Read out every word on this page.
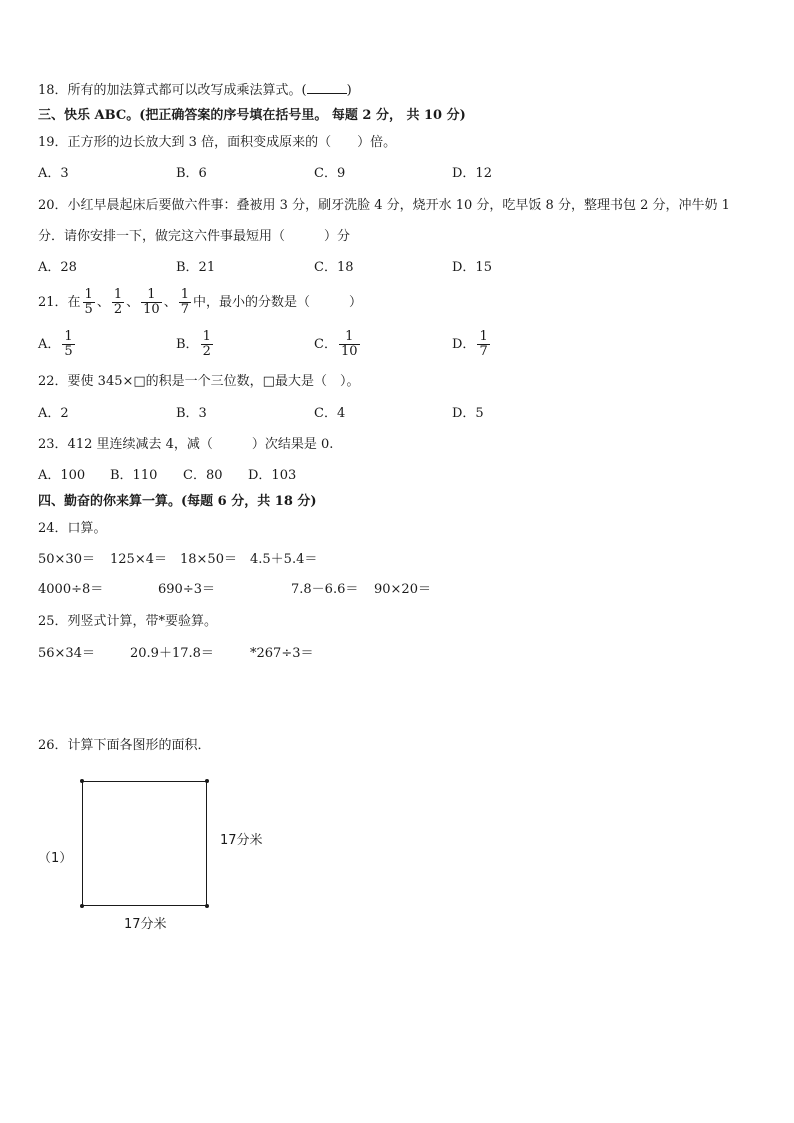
18．所有的加法算式都可以改写成乘法算式。(	)
三、快乐 ABC。(把正确答案的序号填在括号里。 每题 2 分， 共 10 分)
19．正方形的边长放大到 3 倍，面积变成原来的（　　）倍。
A．3	B．6	C．9	D．12
20．小红早晨起床后要做六件事：叠被用 3 分，刷牙洗脸 4 分，烧开水 10 分，吃早饭 8 分，整理书包 2 分，冲牛奶 1
分．请你安排一下，做完这六件事最短用（　　　）分
A．28	B．21	C．18	D．15
21．在 $\frac{1}{5}$ 、 $\frac{1}{2}$ 、 $\frac{1}{10}$ 、 $\frac{1}{7}$ 中，最小的分数是（　　　）
A． $\frac{1}{5}$	B． $\frac{1}{2}$	C． $\frac{1}{10}$	D． $\frac{1}{7}$
22．要使 345×□的积是一个三位数，□最大是（　）。
A．2	B．3	C．4	D．5
23．412 里连续减去 4，减（　　　）次结果是 0.
A．100 B．110 C．80 D．103
四、勤奋的你来算一算。(每题 6 分，共 18 分)
24．口算。
50×30＝ 125×4＝ 18×50＝ 4.5＋5.4＝
4000÷8＝	690÷3＝	7.8－6.6＝ 90×20＝
25．列竖式计算，带*要验算。
56×34＝	20.9＋17.8＝	*267÷3＝
26．计算下面各图形的面积．
（1）
17分米
17分米
